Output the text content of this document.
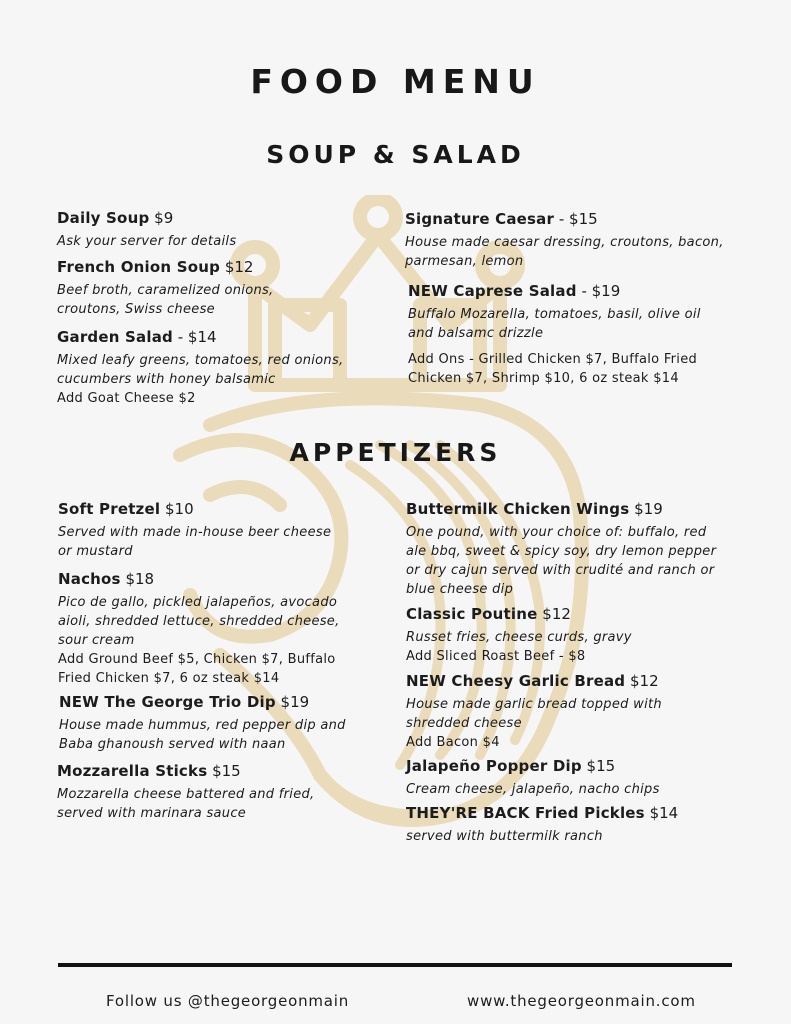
FOOD MENU
SOUP & SALAD
APPETIZERS
Daily Soup $9
Ask your server for details
French Onion Soup $12
Beef broth, caramelized onions,
croutons, Swiss cheese
Garden Salad - $14
Mixed leafy greens, tomatoes, red onions,
cucumbers with honey balsamic
Add Goat Cheese $2
Signature Caesar - $15
House made caesar dressing, croutons, bacon,
parmesan, lemon
NEW Caprese Salad - $19
Buffalo Mozarella, tomatoes, basil, olive oil
and balsamc drizzle
Add Ons - Grilled Chicken $7, Buffalo Fried
Chicken $7, Shrimp $10, 6 oz steak $14
Soft Pretzel $10
Served with made in-house beer cheese
or mustard
Nachos $18
Pico de gallo, pickled jalapeños, avocado
aioli, shredded lettuce, shredded cheese,
sour cream
Add Ground Beef $5, Chicken $7, Buffalo
Fried Chicken $7, 6 oz steak $14
NEW The George Trio Dip $19
House made hummus, red pepper dip and
Baba ghanoush served with naan
Mozzarella Sticks $15
Mozzarella cheese battered and fried,
served with marinara sauce
Buttermilk Chicken Wings $19
One pound, with your choice of: buffalo, red
ale bbq, sweet & spicy soy, dry lemon pepper
or dry cajun served with crudité and ranch or
blue cheese dip
Classic Poutine $12
Russet fries, cheese curds, gravy
Add Sliced Roast Beef - $8
NEW Cheesy Garlic Bread $12
House made garlic bread topped with
shredded cheese
Add Bacon $4
Jalapeño Popper Dip $15
Cream cheese, jalapeño, nacho chips
THEY'RE BACK Fried Pickles $14
served with buttermilk ranch
Follow us @thegeorgeonmain	www.thegeorgeonmain.com
